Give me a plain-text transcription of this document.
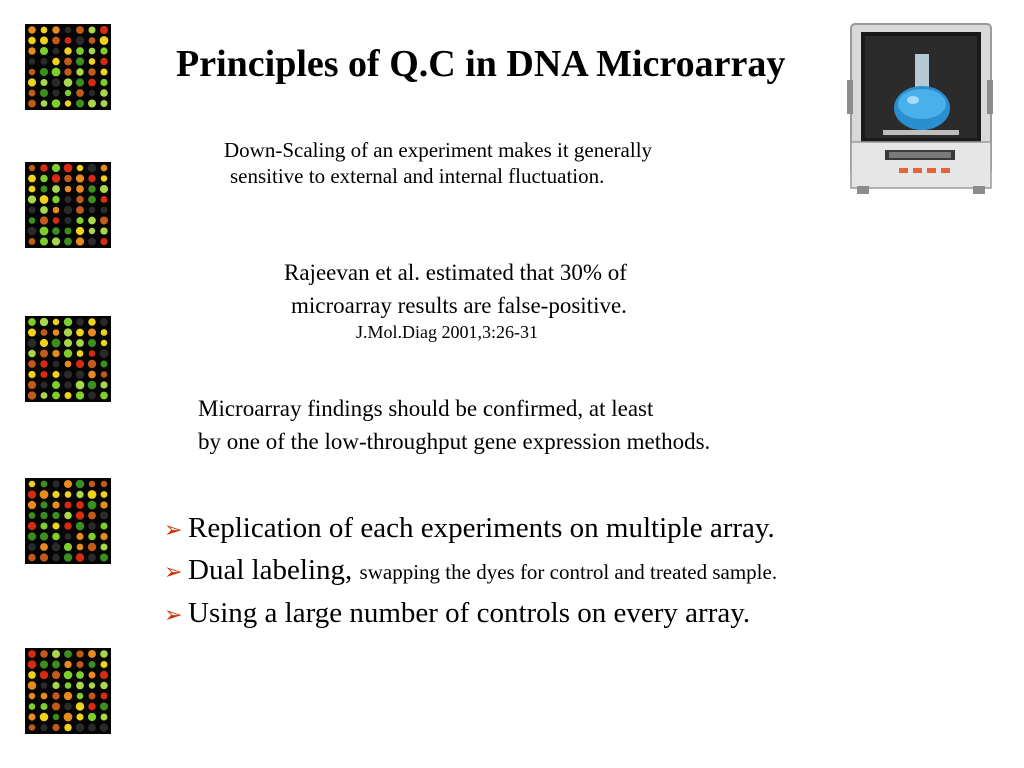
Principles of Q.C in DNA Microarray
Down-Scaling of an experiment makes it generally
sensitive to external and internal fluctuation.
Rajeevan et al. estimated that 30% of
microarray results are false-positive.
J.Mol.Diag 2001,3:26-31
Microarray findings should be confirmed, at least
by one of the low-throughput gene expression methods.
➢ Replication of each experiments on multiple array.
➢ Dual labeling,
swapping the dyes for control and treated sample.
➢ Using a large number of controls on every array.
